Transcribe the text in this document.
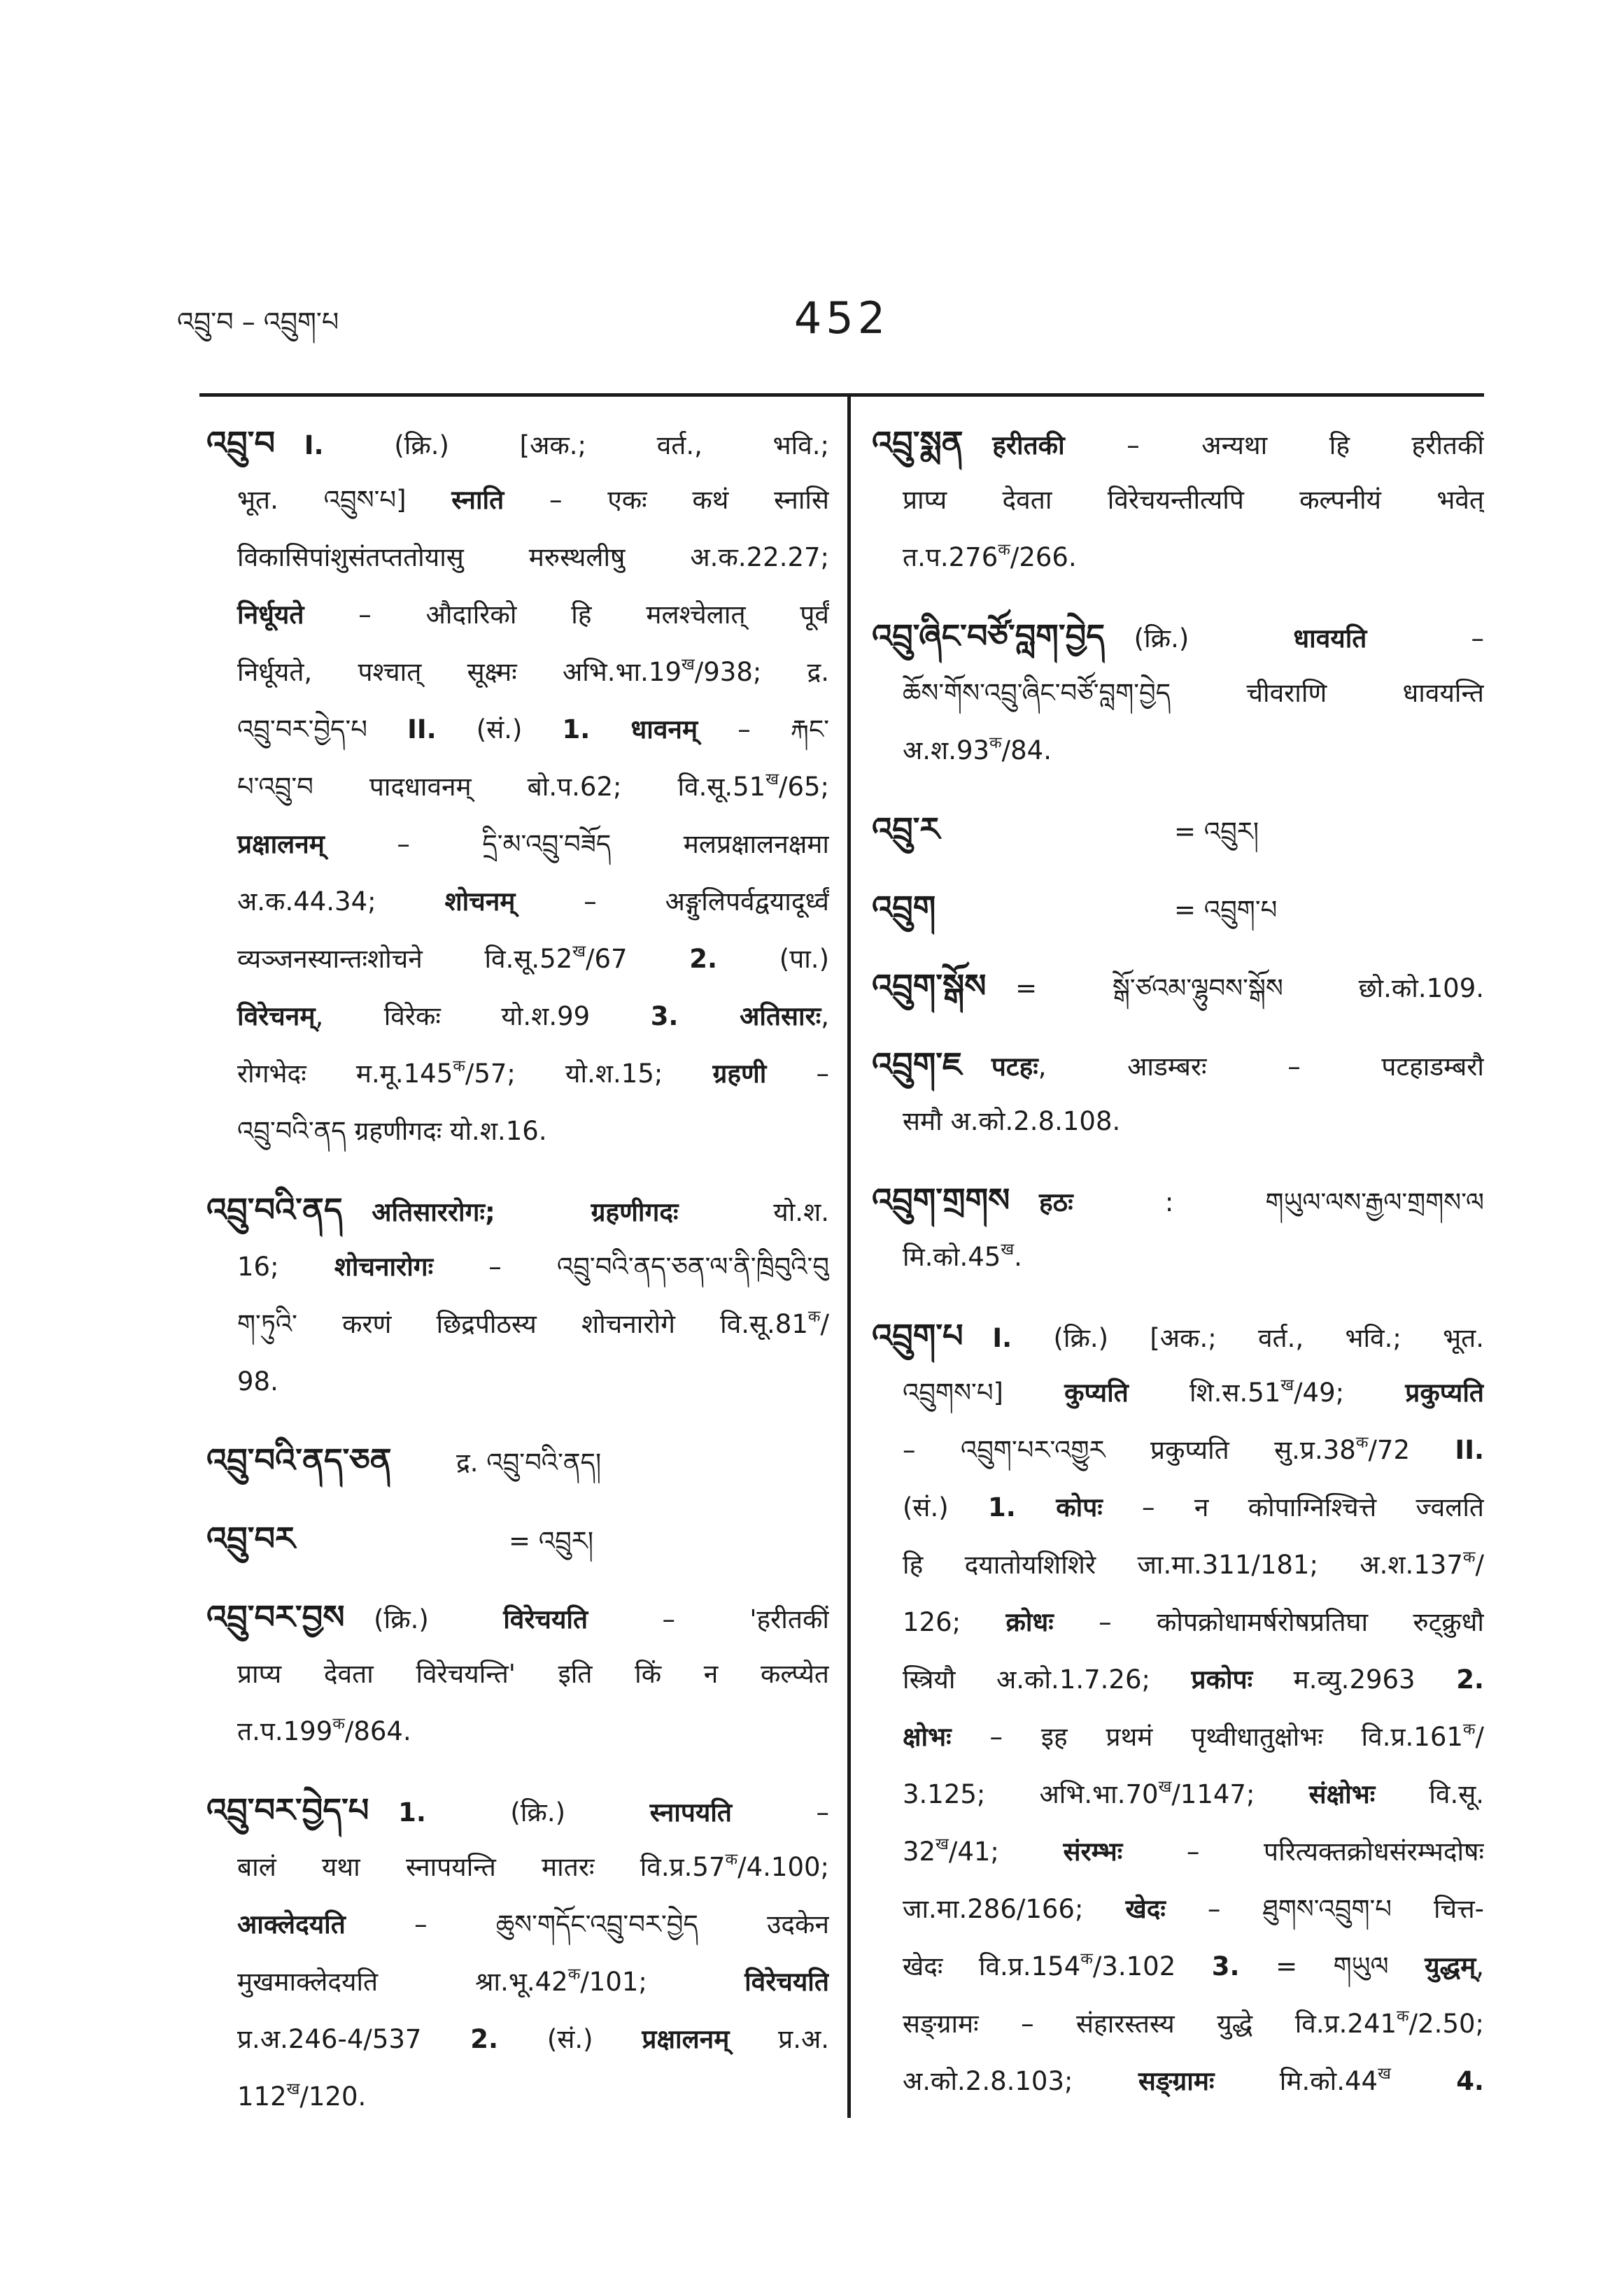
འབྲུ་བ – འབྲུག་པ	452
འབྲུ་བ I. (क्रि.) [अक.; वर्त., भवि.;
भूत. འབྲུས་པ] स्नाति – एकः कथं स्नासि
विकासिपांशुसंतप्ततोयासु मरुस्थलीषु अ.क.22.27;
निर्धूयते – औदारिको हि मलश्चेलात् पूर्वं
निर्धूयते, पश्चात् सूक्ष्मः $अभि.भा.19^ख/938$; द्र.
འབྲུ་བར་བྱེད་པ II. (सं.) 1. धावनम् – རྐང་
པ་འབྲུ་བ पादधावनम् बो.प.62; $वि.सू.51^ख/65$;
प्रक्षालनम् – དྲི་མ་འབྲུ་བཟོད मलप्रक्षालनक्षमा
अ.क.44.34; शोचनम् – अङ्गुलिपर्वद्वयादूर्ध्वं
व्यञ्जनस्यान्तःशोचने $वि.सू.52^ख/67$ 2. (पा.)
विरेचनम्, विरेकः यो.श.99 3. अतिसारः,
रोगभेदः $म.मू.145^क/57$; यो.श.15; ग्रहणी –
འབྲུ་བའི་ནད ग्रहणीगदः यो.श.16.
འབྲུ་བའི་ནད अतिसाररोगः; ग्रहणीगदः यो.श.
16; शोचनारोगः – འབྲུ་བའི་ནད་ཅན་ལ་ནི་ཁྲིབུའི་བུ
ག་ཏུའི་ करणं छिद्रपीठस्य शोचनारोगे $वि.सू.81^क/$
98.
འབྲུ་བའི་ནད་ཅན	द्र. འབྲུ་བའི་ནད།
འབྲུ་བར	= འབྲུར།
འབྲུ་བར་བྱས (क्रि.) विरेचयति – 'हरीतकीं
प्राप्य देवता विरेचयन्ति' इति किं न कल्प्येत
$त.प.199^क/864$.
འབྲུ་བར་བྱེད་པ 1. (क्रि.) स्नापयति –
बालं यथा स्नापयन्ति मातरः $वि.प्र.57^क/4.100$;
आक्लेदयति – ཆུས་གདོང་འབྲུ་བར་བྱེད उदकेन
मुखमाक्लेदयति $श्रा.भू.42^क/101$; विरेचयति
प्र.अ.246-4/537 2. (सं.) प्रक्षालनम् प्र.अ.
$112^ख/120$.
འབྲུ་སྨན हरीतकी – अन्यथा हि हरीतकीं
प्राप्य देवता विरेचयन्तीत्यपि कल्पनीयं भवेत्
$त.प.276^क/266$.
འབྲུ་ཞིང་བཙོ་བླག་བྱེད (क्रि.) धावयति –
ཆོས་གོས་འབྲུ་ཞིང་བཙོ་བླག་བྱེད चीवराणि धावयन्ति
$अ.श.93^क/84$.
འབྲུ་ར	= འབྲུར།
འབྲུག	= འབྲུག་པ
འབྲུག་སྒོས = སྒོ་ཙའམ་ལྷུབས་སྒོས छो.को.109.
འབྲུག་ཇ पटहः, आडम्बरः – पटहाडम्बरौ
समौ अ.को.2.8.108.
འབྲུག་གྲགས हठः : གཡུལ་ལས་རྒྱལ་གྲགས་ལ
$मि.को.45^ख$.
འབྲུག་པ I. (क्रि.) [अक.; वर्त., भवि.; भूत.
འབྲུགས་པ] कुप्यति $शि.स.51^ख/49$; प्रकुप्यति
– འབྲུག་པར་འགྱུར प्रकुप्यति $सु.प्र.38^क/72$ II.
(सं.) 1. कोपः – न कोपाग्निश्चित्ते ज्वलति
हि दयातोयशिशिरे जा.मा.311/181; $अ.श.137^क/$
126; क्रोधः – कोपक्रोधामर्षरोषप्रतिघा रुट्क्रुधौ
स्त्रियौ अ.को.1.7.26; प्रकोपः म.व्यु.2963 2.
क्षोभः – इह प्रथमं पृथ्वीधातुक्षोभः $वि.प्र.161^क/$
3.125; $अभि.भा.70^ख/1147$; संक्षोभः वि.सू.
$32^ख/41$; संरम्भः – परित्यक्तक्रोधसंरम्भदोषः
जा.मा.286/166; खेदः – ཐུགས་འབྲུག་པ चित्त-
खेदः $वि.प्र.154^क/3.102$ 3. = གཡུལ युद्धम्,
सङ्ग्रामः – संहारस्तस्य युद्धे $वि.प्र.241^क/2.50$;
अ.को.2.8.103; सङ्ग्रामः $मि.को.44^ख$	4.
